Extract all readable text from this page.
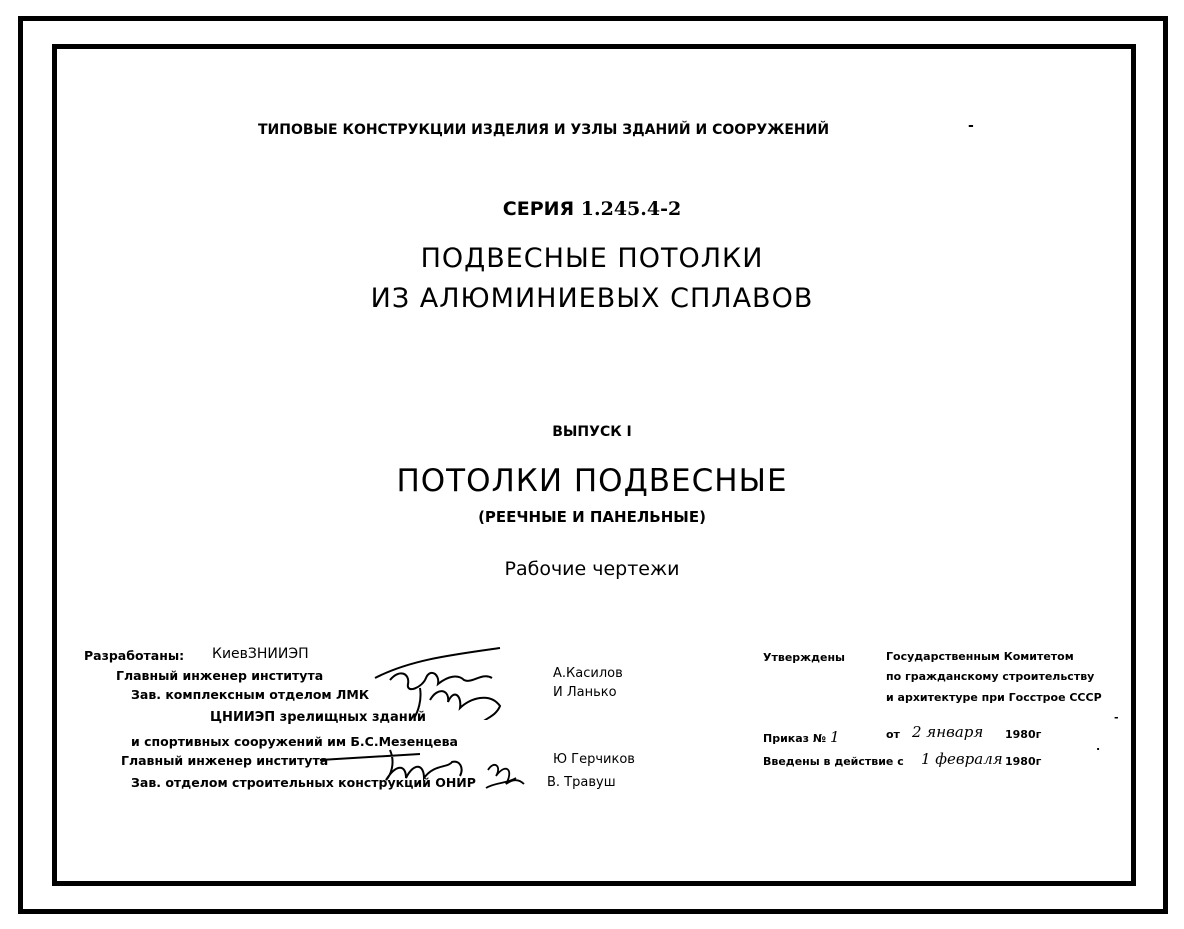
ТИПОВЫЕ КОНСТРУКЦИИ ИЗДЕЛИЯ И УЗЛЫ ЗДАНИЙ И СООРУЖЕНИЙ	-
СЕРИЯ 1.245.4-2
ПОДВЕСНЫЕ ПОТОЛКИ
ИЗ АЛЮМИНИЕВЫХ СПЛАВОВ
ВЫПУСК I
ПОТОЛКИ ПОДВЕСНЫЕ
(РЕЕЧНЫЕ И ПАНЕЛЬНЫЕ)
Рабочие чертежи
Разработаны: КиевЗНИИЭП
Главный инженер института	А.Касилов
Зав. комплексным отделом ЛМК	И Ланько
ЦНИИЭП зрелищных зданий
и спортивных сооружений им Б.С.Мезенцева
Главный инженер института	Ю Герчиков
Зав. отделом строительных конструкций ОНИР	В. Травуш
Утверждены	Государственным Комитетом
по гражданскому строительству
и архитектуре при Госстрое СССР
-
Приказ № 1	от 2 января 1980г
Введены в действие с 1 февраля 1980г
.
